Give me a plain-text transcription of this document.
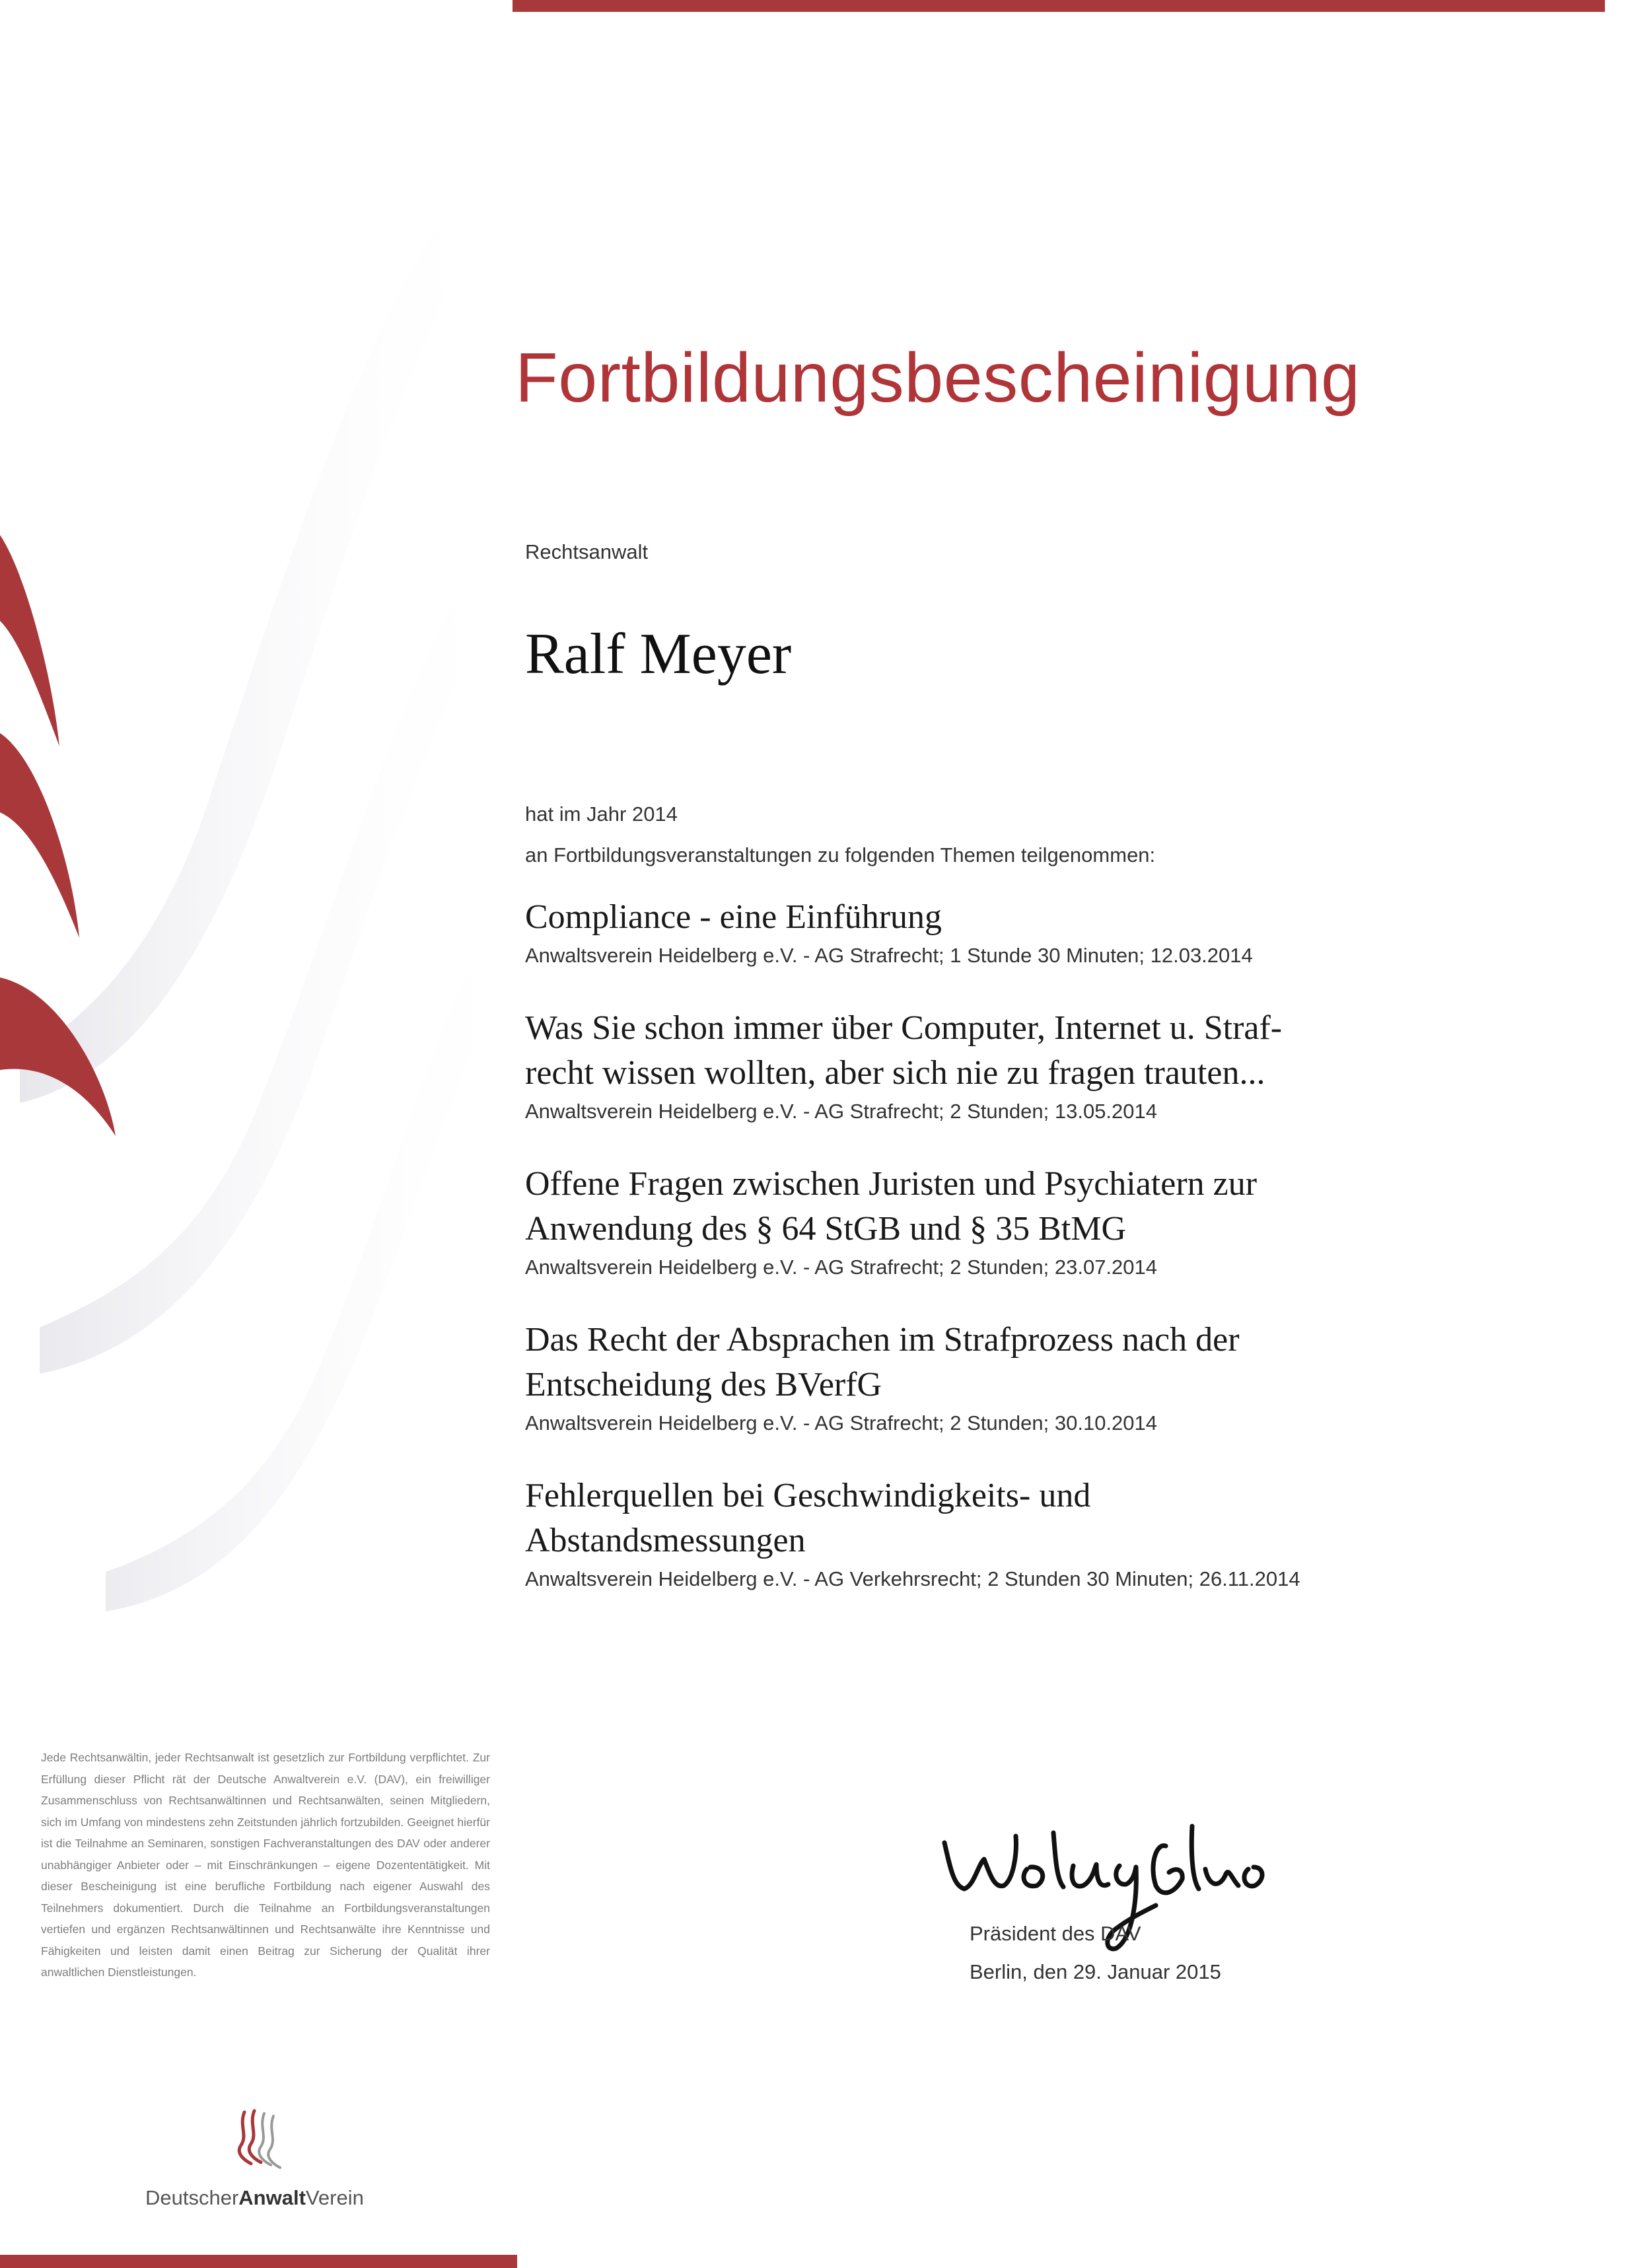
Fortbildungsbescheinigung
Rechtsanwalt
Ralf Meyer
hat im Jahr 2014
an Fortbildungsveranstaltungen zu folgenden Themen teilgenommen:
Compliance - eine Einführung
Anwaltsverein Heidelberg e.V. - AG Strafrecht; 1 Stunde 30 Minuten; 12.03.2014
Was Sie schon immer über Computer, Internet u. Straf-
recht wissen wollten, aber sich nie zu fragen trauten...
Anwaltsverein Heidelberg e.V. - AG Strafrecht; 2 Stunden; 13.05.2014
Offene Fragen zwischen Juristen und Psychiatern zur
Anwendung des § 64 StGB und § 35 BtMG
Anwaltsverein Heidelberg e.V. - AG Strafrecht; 2 Stunden; 23.07.2014
Das Recht der Absprachen im Strafprozess nach der
Entscheidung des BVerfG
Anwaltsverein Heidelberg e.V. - AG Strafrecht; 2 Stunden; 30.10.2014
Fehlerquellen bei Geschwindigkeits- und
Abstandsmessungen
Anwaltsverein Heidelberg e.V. - AG Verkehrsrecht; 2 Stunden 30 Minuten; 26.11.2014
Jede Rechtsanwältin, jeder Rechtsanwalt ist gesetzlich zur Fortbildung verpflichtet. Zur Erfüllung dieser Pflicht rät der Deutsche Anwaltverein e.V. (DAV), ein freiwilliger Zusammenschluss von Rechtsanwältinnen und Rechtsanwälten, seinen Mitgliedern, sich im Umfang von mindestens zehn Zeitstunden jährlich fortzubilden. Geeignet hierfür ist die Teilnahme an Seminaren, sonstigen Fachveranstaltungen des DAV oder anderer unabhängiger Anbieter oder – mit Einschränkungen – eigene Dozententätigkeit. Mit dieser Bescheinigung ist eine berufliche Fortbildung nach eigener Auswahl des Teilnehmers dokumentiert. Durch die Teilnahme an Fortbildungsveranstaltungen vertiefen und ergänzen Rechtsanwältinnen und Rechtsanwälte ihre Kenntnisse und Fähigkeiten und leisten damit einen Beitrag zur Sicherung der Qualität ihrer anwaltlichen Dienstleistungen.
Präsident des DAV
Berlin, den 29. Januar 2015
DeutscherAnwaltVerein
